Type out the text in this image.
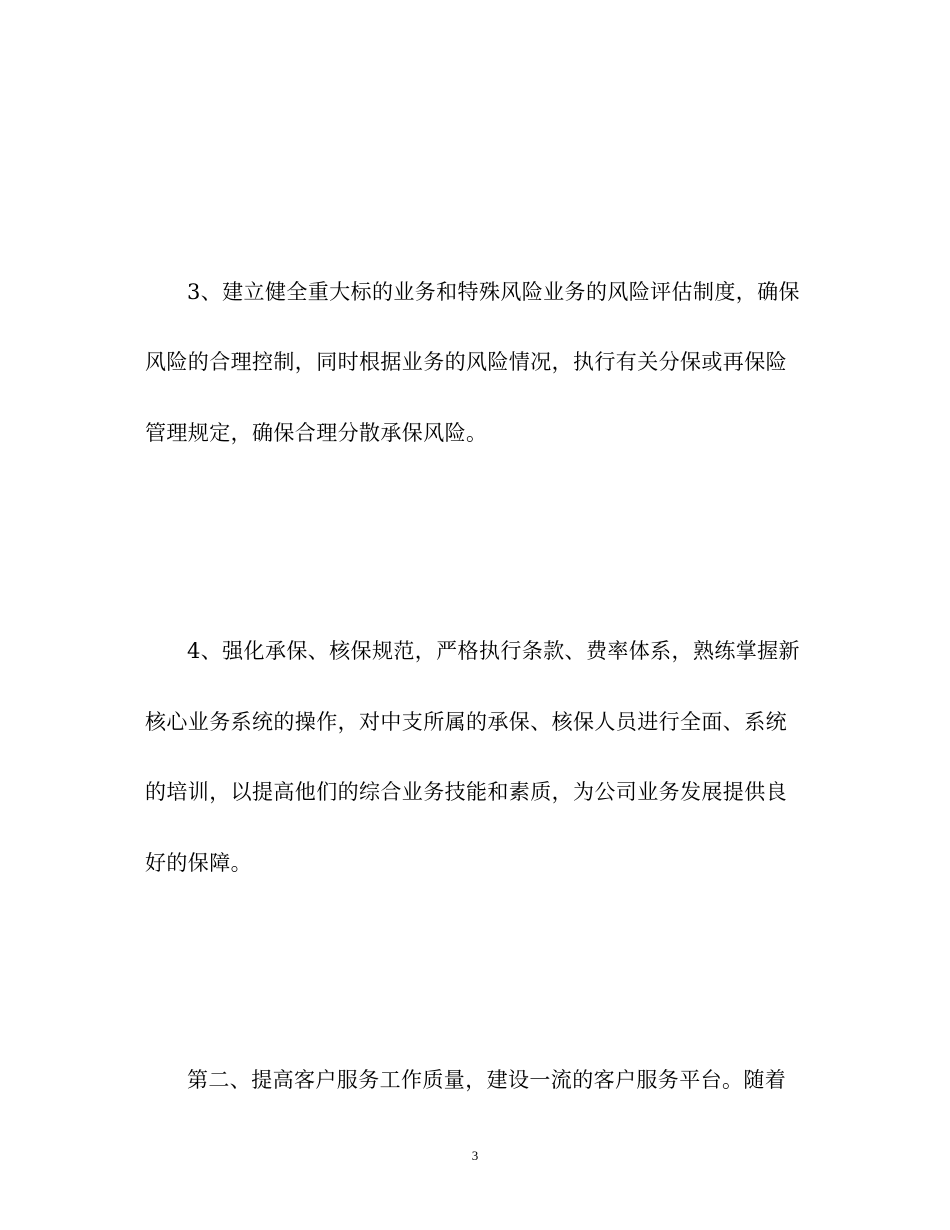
3、建立健全重大标的业务和特殊风险业务的风险评估制度，确保

风险的合理控制，同时根据业务的风险情况，执行有关分保或再保险

管理规定，确保合理分散承保风险。

4、强化承保、核保规范，严格执行条款、费率体系，熟练掌握新

核心业务系统的操作，对中支所属的承保、核保人员进行全面、系统

的培训，以提高他们的综合业务技能和素质，为公司业务发展提供良

好的保障。

第二、提高客户服务工作质量，建设一流的客户服务平台。随着

3
